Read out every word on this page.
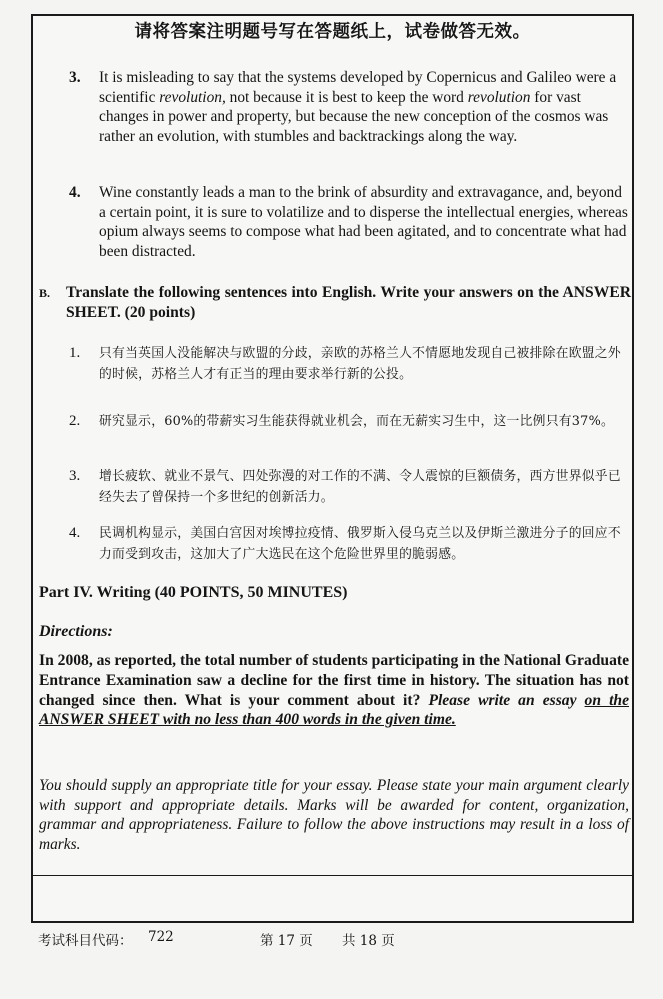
请将答案注明题号写在答题纸上，试卷做答无效。
3. It is misleading to say that the systems developed by Copernicus and Galileo were a scientific revolution, not because it is best to keep the word revolution for vast changes in power and property, but because the new conception of the cosmos was rather an evolution, with stumbles and backtrackings along the way.
4. Wine constantly leads a man to the brink of absurdity and extravagance, and, beyond a certain point, it is sure to volatilize and to disperse the intellectual energies, whereas opium always seems to compose what had been agitated, and to concentrate what had been distracted.
B. Translate the following sentences into English. Write your answers on the ANSWER SHEET. (20 points)
1. 只有当英国人没能解决与欧盟的分歧，亲欧的苏格兰人不情愿地发现自己被排除在欧盟之外的时候，苏格兰人才有正当的理由要求举行新的公投。
2. 研究显示，60%的带薪实习生能获得就业机会，而在无薪实习生中，这一比例只有37%。
3. 增长疲软、就业不景气、四处弥漫的对工作的不满、令人震惊的巨额债务，西方世界似乎已经失去了曾保持一个多世纪的创新活力。
4. 民调机构显示，美国白宫因对埃博拉疫情、俄罗斯入侵乌克兰以及伊斯兰激进分子的回应不力而受到攻击，这加大了广大选民在这个危险世界里的脆弱感。
Part IV. Writing (40 POINTS, 50 MINUTES)
Directions:
In 2008, as reported, the total number of students participating in the National Graduate Entrance Examination saw a decline for the first time in history. The situation has not changed since then. What is your comment about it? Please write an essay on the ANSWER SHEET with no less than 400 words in the given time.
You should supply an appropriate title for your essay. Please state your main argument clearly with support and appropriate details. Marks will be awarded for content, organization, grammar and appropriateness. Failure to follow the above instructions may result in a loss of marks.
考试科目代码： 722	第 17 页 共 18 页
